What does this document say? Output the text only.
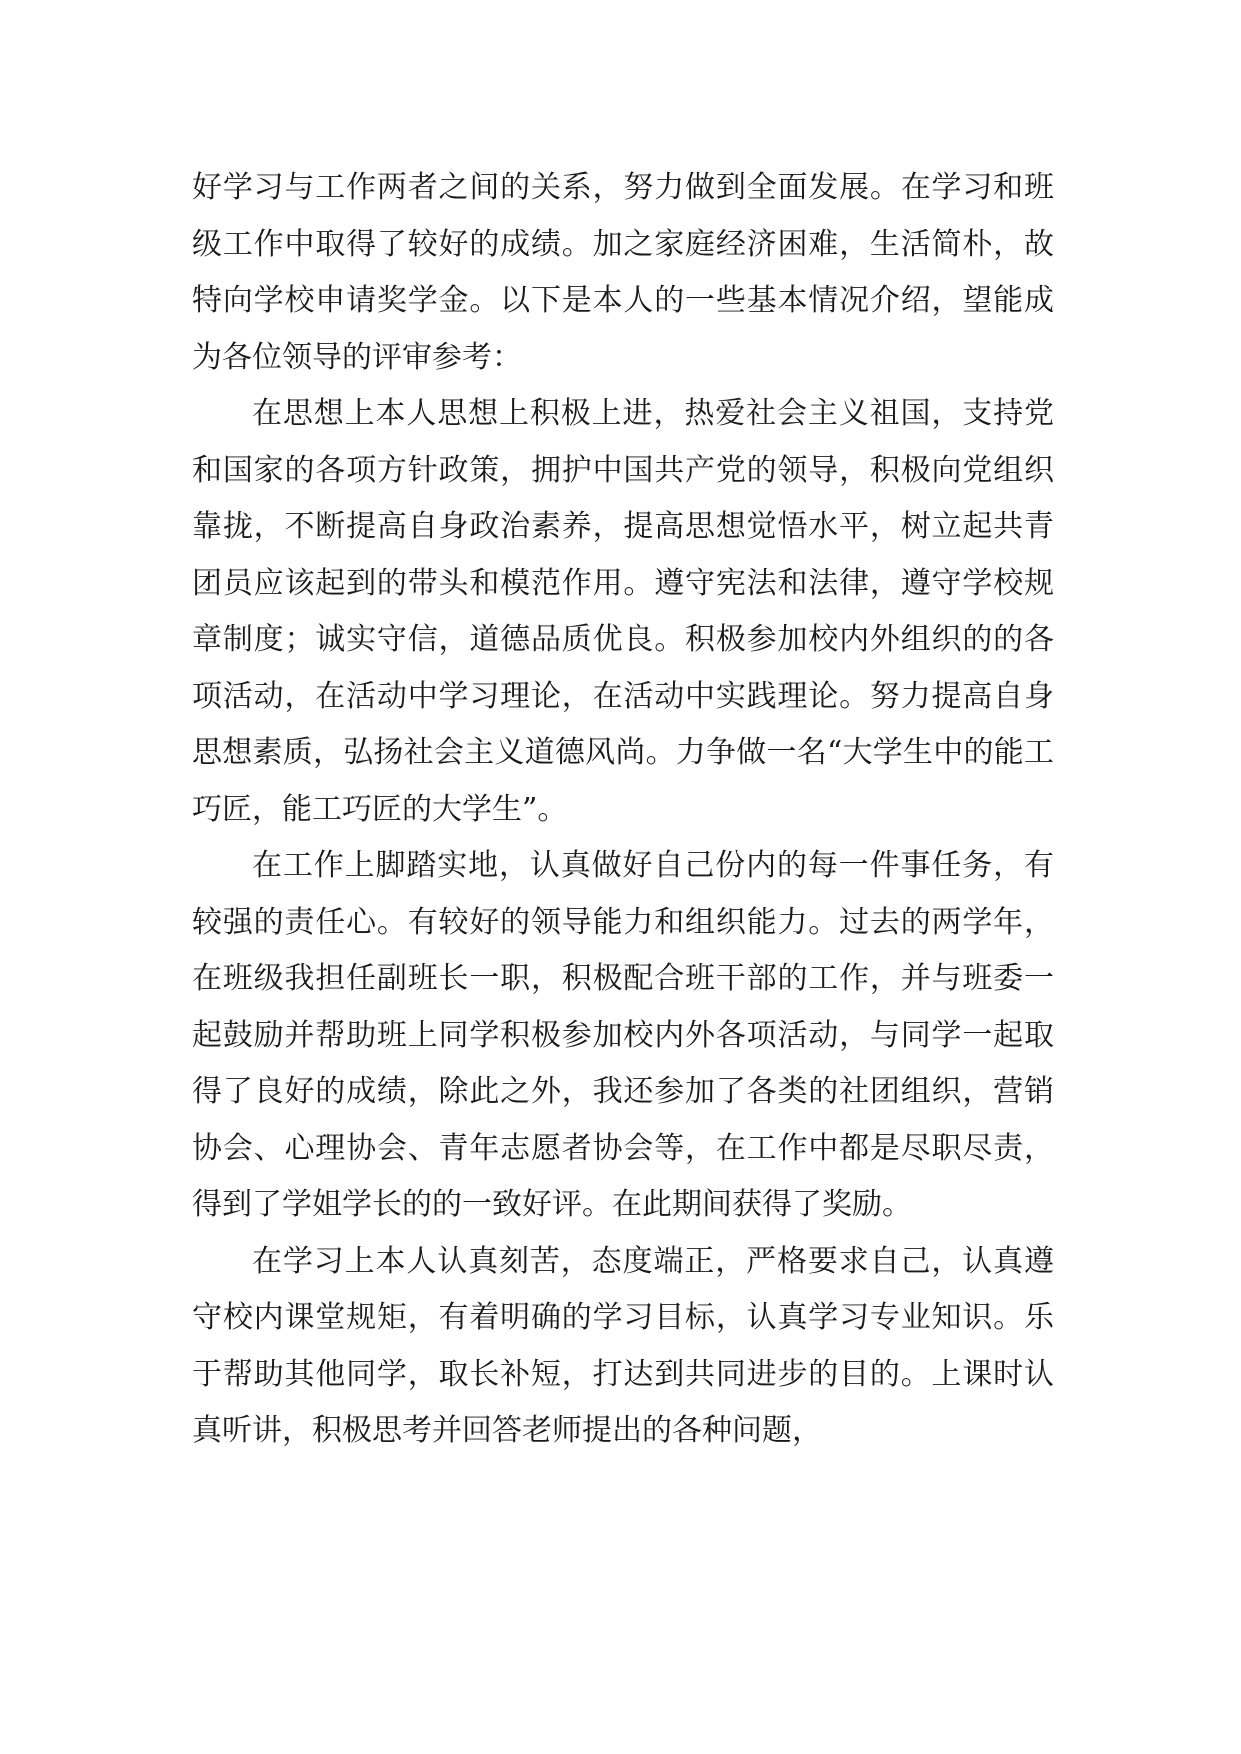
好学习与工作两者之间的关系，努力做到全面发展。在学习和班级工作中取得了较好的成绩。加之家庭经济困难，生活简朴，故特向学校申请奖学金。以下是本人的一些基本情况介绍，望能成为各位领导的评审参考：

在思想上本人思想上积极上进，热爱社会主义祖国，支持党和国家的各项方针政策，拥护中国共产党的领导，积极向党组织靠拢，不断提高自身政治素养，提高思想觉悟水平，树立起共青团员应该起到的带头和模范作用。遵守宪法和法律，遵守学校规章制度；诚实守信，道德品质优良。积极参加校内外组织的的各项活动，在活动中学习理论，在活动中实践理论。努力提高自身思想素质，弘扬社会主义道德风尚。力争做一名“大学生中的能工巧匠，能工巧匠的大学生”。

在工作上脚踏实地，认真做好自己份内的每一件事任务，有较强的责任心。有较好的领导能力和组织能力。过去的两学年，在班级我担任副班长一职，积极配合班干部的工作，并与班委一起鼓励并帮助班上同学积极参加校内外各项活动，与同学一起取得了良好的成绩，除此之外，我还参加了各类的社团组织，营销协会、心理协会、青年志愿者协会等，在工作中都是尽职尽责，得到了学姐学长的的一致好评。在此期间获得了奖励。

在学习上本人认真刻苦，态度端正，严格要求自己，认真遵守校内课堂规矩，有着明确的学习目标，认真学习专业知识。乐于帮助其他同学，取长补短，打达到共同进步的目的。上课时认真听讲，积极思考并回答老师提出的各种问题，
